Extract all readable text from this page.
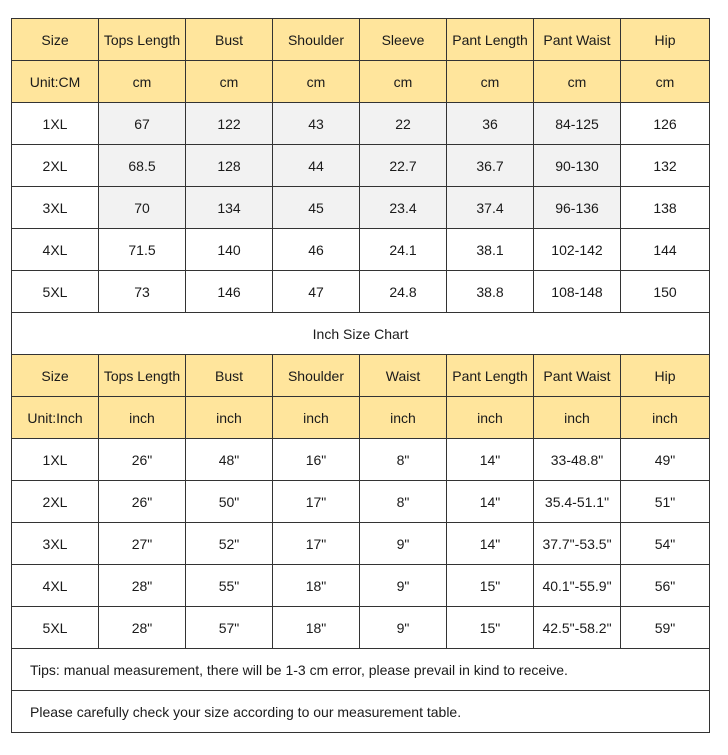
Size	Tops Length	Bust	Shoulder	Sleeve	Pant Length	Pant Waist	Hip
Unit:CM	cm	cm	cm	cm	cm	cm	cm
1XL	67	122	43	22	36	84-125	126
2XL	68.5	128	44	22.7	36.7	90-130	132
3XL	70	134	45	23.4	37.4	96-136	138
4XL	71.5	140	46	24.1	38.1	102-142	144
5XL	73	146	47	24.8	38.8	108-148	150
Inch Size Chart							
Size	Tops Length	Bust	Shoulder	Waist	Pant Length	Pant Waist	Hip
Unit:Inch	inch	inch	inch	inch	inch	inch	inch
1XL	26"	48"	16"	8"	14"	33-48.8"	49"
2XL	26"	50"	17"	8"	14"	35.4-51.1"	51"
3XL	27"	52"	17"	9"	14"	37.7"-53.5"	54"
4XL	28"	55"	18"	9"	15"	40.1"-55.9"	56"
5XL	28"	57"	18"	9"	15"	42.5"-58.2"	59"
Tips: manual measurement, there will be 1-3 cm error, please prevail in kind to receive.							
Please carefully check your size according to our measurement table.							
